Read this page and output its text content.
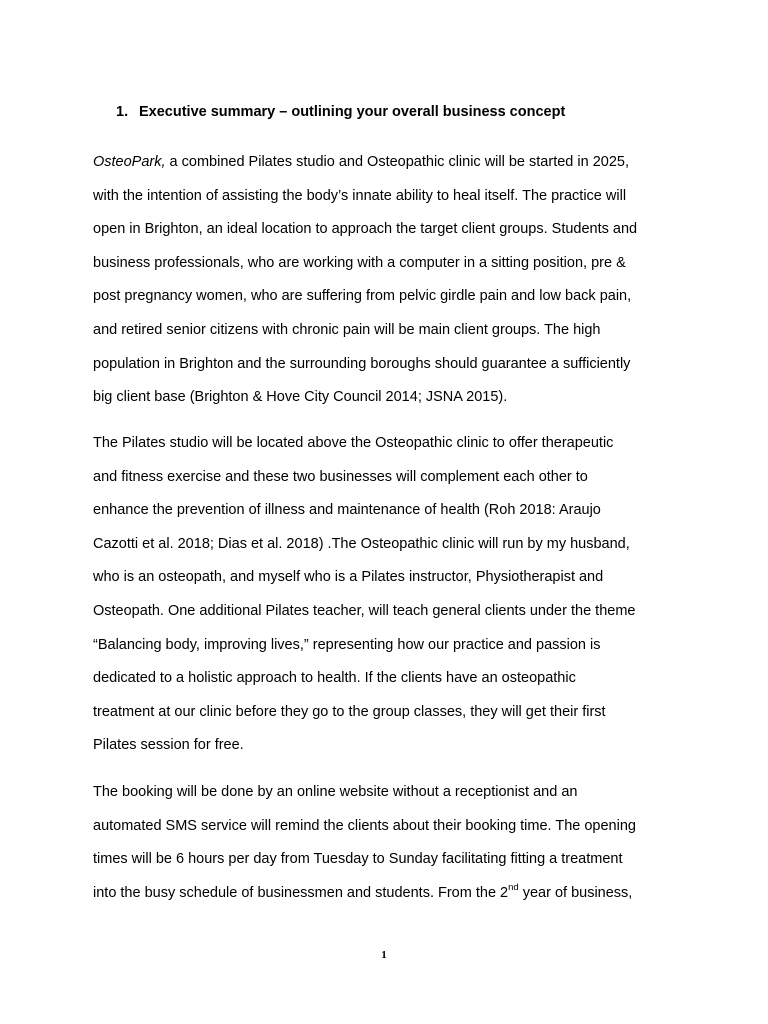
1. Executive summary – outlining your overall business concept
OsteoPark, a combined Pilates studio and Osteopathic clinic will be started in 2025,
with the intention of assisting the body’s innate ability to heal itself. The practice will
open in Brighton, an ideal location to approach the target client groups. Students and
business professionals, who are working with a computer in a sitting position, pre &
post pregnancy women, who are suffering from pelvic girdle pain and low back pain,
and retired senior citizens with chronic pain will be main client groups. The high
population in Brighton and the surrounding boroughs should guarantee a sufficiently
big client base (Brighton & Hove City Council 2014; JSNA 2015).
The Pilates studio will be located above the Osteopathic clinic to offer therapeutic
and fitness exercise and these two businesses will complement each other to
enhance the prevention of illness and maintenance of health (Roh 2018: Araujo
Cazotti et al. 2018; Dias et al. 2018) .The Osteopathic clinic will run by my husband,
who is an osteopath, and myself who is a Pilates instructor, Physiotherapist and
Osteopath. One additional Pilates teacher, will teach general clients under the theme
“Balancing body, improving lives,” representing how our practice and passion is
dedicated to a holistic approach to health. If the clients have an osteopathic
treatment at our clinic before they go to the group classes, they will get their first
Pilates session for free.
The booking will be done by an online website without a receptionist and an
automated SMS service will remind the clients about their booking time. The opening
times will be 6 hours per day from Tuesday to Sunday facilitating fitting a treatment
into the busy schedule of businessmen and students. From the 2nd year of business,
1
